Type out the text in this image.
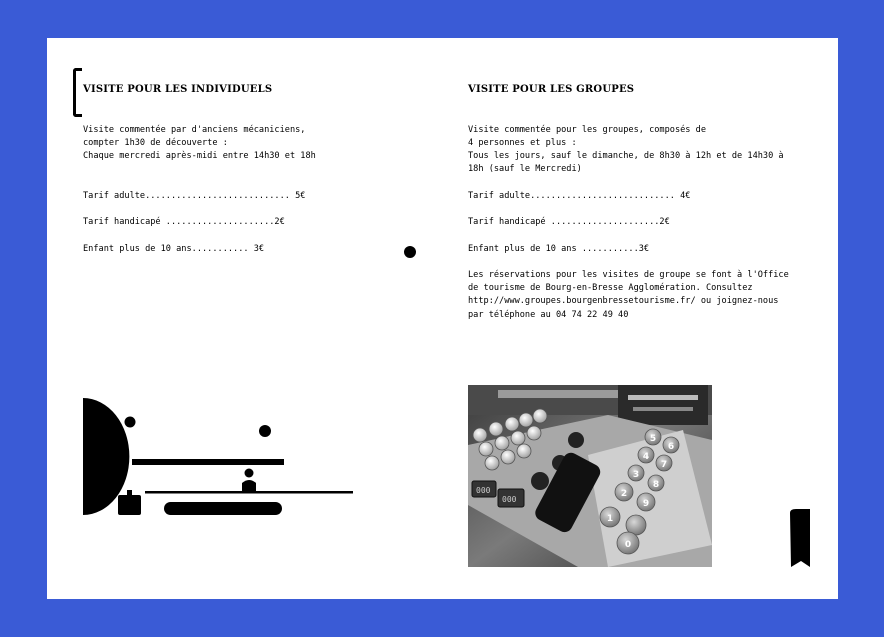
VISITE POUR LES INDIVIDUELS
Visite commentée par d'anciens mécaniciens,
compter 1h30 de découverte :
Chaque mercredi après-midi entre 14h30 et 18h
Tarif adulte............................ 5€
Tarif handicapé .....................2€
Enfant plus de 10 ans........... 3€
VISITE POUR LES GROUPES
Visite commentée pour les groupes, composés de
4 personnes et plus :
Tous les jours, sauf le dimanche, de 8h30 à 12h et de 14h30 à
18h (sauf le Mercredi)
Tarif adulte............................ 4€
Tarif handicapé .....................2€
Enfant plus de 10 ans ...........3€
Les réservations pour les visites de groupe se font à l'Office
de tourisme de Bourg-en-Bresse Agglomération. Consultez
http://www.groupes.bourgenbressetourisme.fr/ ou joignez-nous
par téléphone au 04 74 22 49 40
000
000
1
2
3
4
5
6
7
8
9
0
